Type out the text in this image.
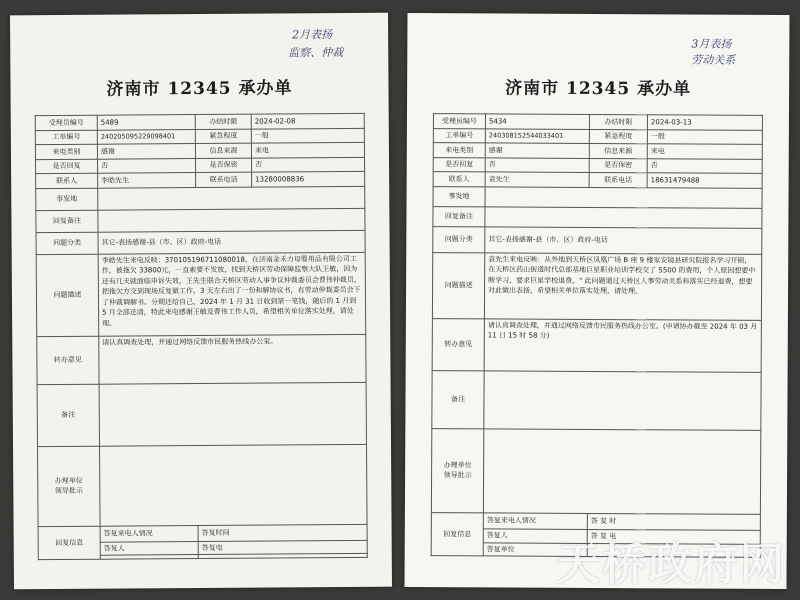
2月表扬
监察、仲裁
济南市 12345 承办单
受理员编号	5489	办结时限	2024-02-08
工单编号	2402050952290984​01	紧急程度	一般
来电类别	感谢	信息来源	来电
是否回复	否	是否保密	否
联系人	李皓先生	联系电话	13280008836
事发地			
回复备注			
问题分类	其它-表扬感谢-县（市、区）政府-电话		
问题描述	李皓先生来电反映：370105196711080018，在济南金禾力母婴用品有限公司工作，被拖欠 33800元，一直索要不发放，找到天桥区劳动保障监察大队王敏，因为还有几天就面临申诉失效，王先生联合天桥区劳动人事争议仲裁委员会曹伟仲裁员，把拖欠方交到现场反复做工作，3 天左右出了一份和解协议书，有劳动仲裁委员会下了仲裁调解书。分期还给自己，2024 年 1 月 31 日收到第一笔钱，随后的 1 月到 5 月全部还清，特此来电感谢王敏及曹伟工作人员，希望相关单位落实处理，请处理。		
转办意见	请认真调查处理，并通过网络反馈市民服务热线办公室。		
备注			
办理单位
领导批示			
回复信息	答复来电人情况	答复时间	
	答复人	答复电	

3月表扬
劳动关系
济南市 12345 承办单
受理员编号	5434	办结时限	2024-03-13
工单编号	240308152544033401	紧急程度	一般
来电类别	感谢	信息来源	来电
是否回复	否	是否保密	否
联系人	袁先生	联系电话	18631479488
事发地			
回复备注			
问题分类	其它-表扬感谢-县（市、区）政府-电话		
问题描述	袁先生来电反映：从外地到天桥区凤凰广场 B 座 9 楼家安镜县研究院报名学习开锁，在天桥区药山街道时代总部基地巨星职业培训学校交了 5500 的费用，个人原因想要中断学习，要求巨星学校退费，" 此问题通过天桥区人事劳动关系科落实已经退费，想要对此做出表扬，希望相关单位落实处理，请处理。		
转办意见	请认真调查处理，并通过网络反馈市民服务热线办公室。(申请协办截至 2024 年 03 月 11 日 15 时 58 分)		
备注			
办理单位
领导批示			
回复信息	答复来电人情况	答 复 时	
	答复人	答 复 电	
	答复单位		天桥政府网
